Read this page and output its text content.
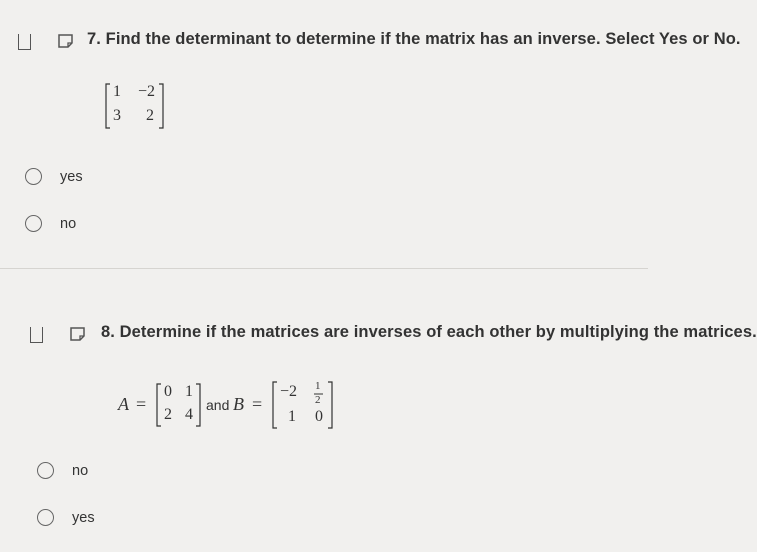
7. Find the determinant to determine if the matrix has an inverse. Select Yes or No.
1 −2
3 2
yes
no
8. Determine if the matrices are inverses of each other by multiplying the matrices.
A =
0 1
2 4
and B =
−2 1
2
1 0
no
yes
